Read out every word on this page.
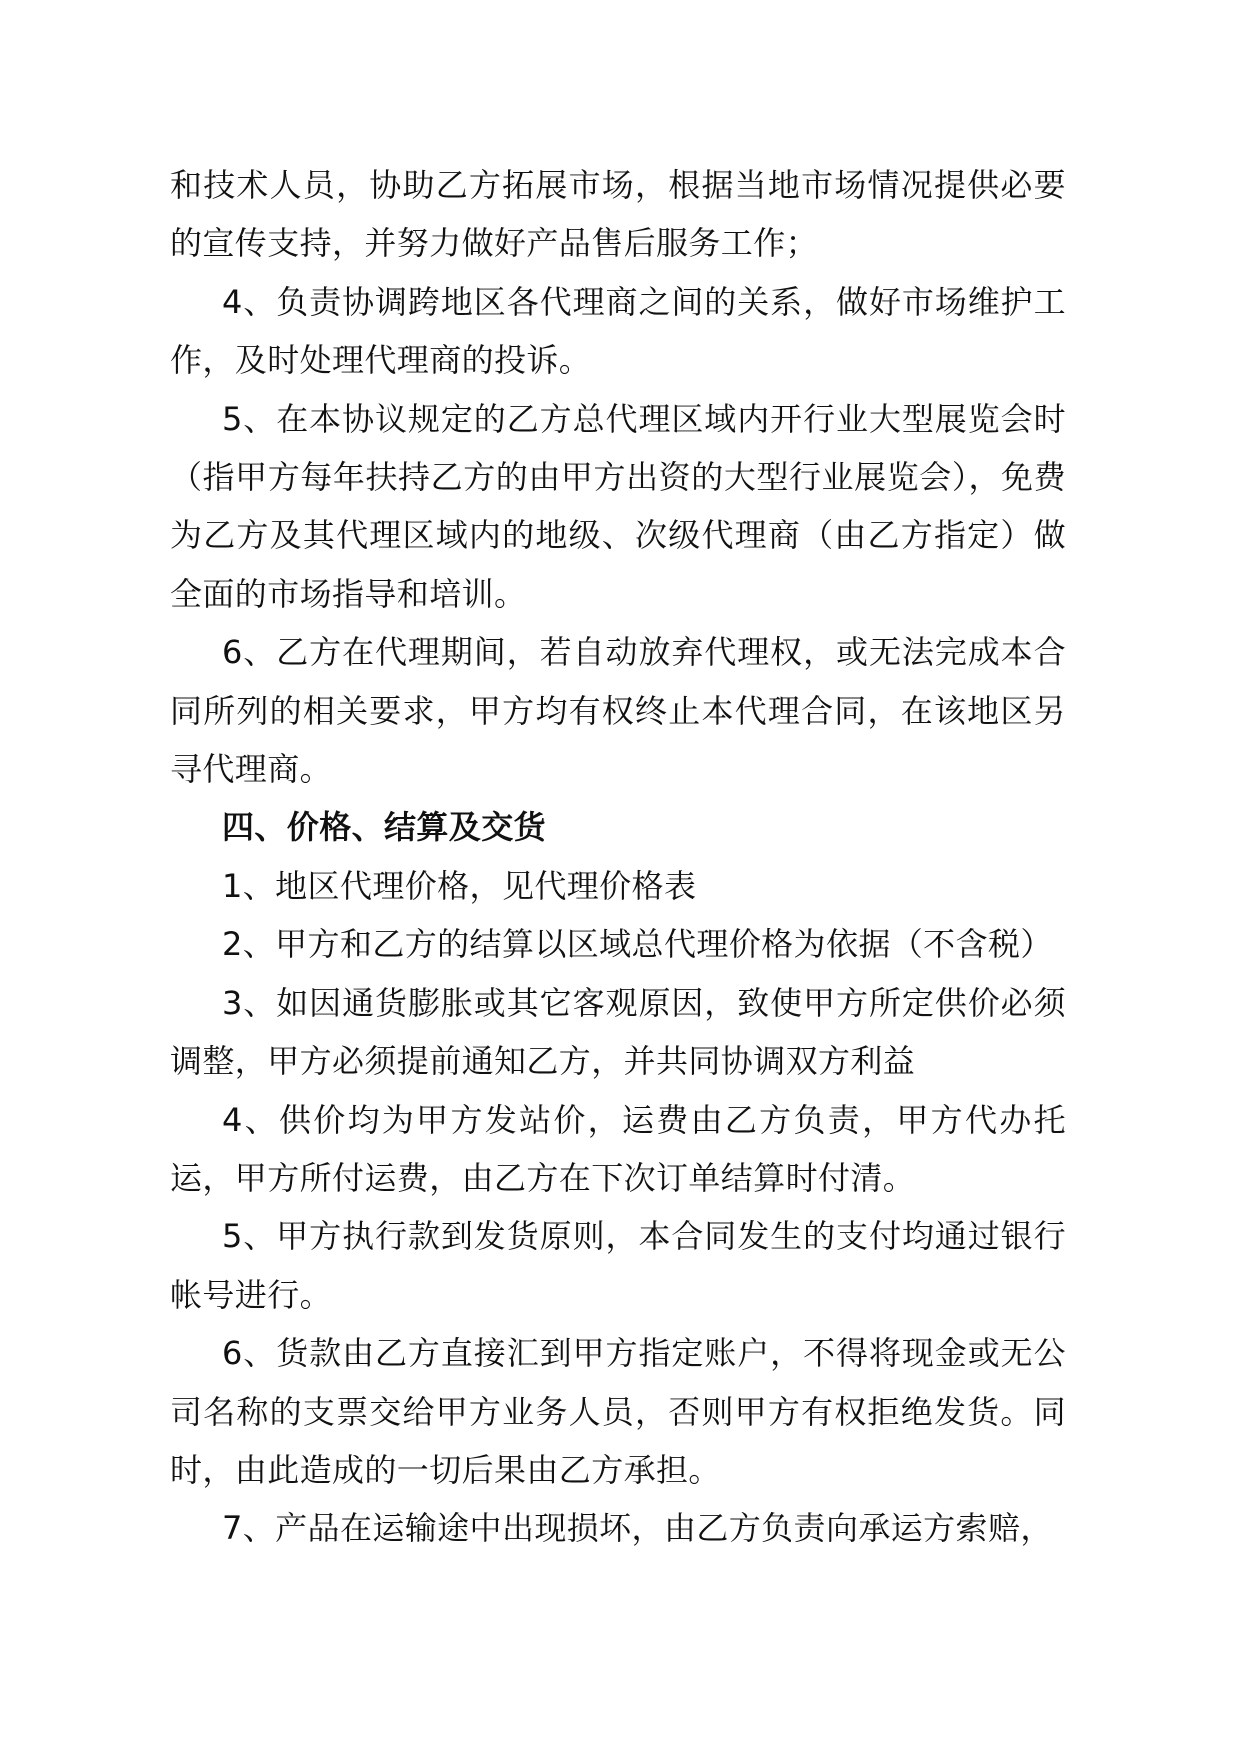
和技术人员，协助乙方拓展市场，根据当地市场情况提供必要的宣传支持，并努力做好产品售后服务工作；

4、负责协调跨地区各代理商之间的关系，做好市场维护工作，及时处理代理商的投诉。

5、在本协议规定的乙方总代理区域内开行业大型展览会时（指甲方每年扶持乙方的由甲方出资的大型行业展览会），免费为乙方及其代理区域内的地级、次级代理商（由乙方指定）做全面的市场指导和培训。

6、乙方在代理期间，若自动放弃代理权，或无法完成本合同所列的相关要求，甲方均有权终止本代理合同，在该地区另寻代理商。

四、价格、结算及交货

1、地区代理价格，见代理价格表

2、甲方和乙方的结算以区域总代理价格为依据（不含税）

3、如因通货膨胀或其它客观原因，致使甲方所定供价必须调整，甲方必须提前通知乙方，并共同协调双方利益

4、供价均为甲方发站价，运费由乙方负责，甲方代办托运，甲方所付运费，由乙方在下次订单结算时付清。

5、甲方执行款到发货原则，本合同发生的支付均通过银行帐号进行。

6、货款由乙方直接汇到甲方指定账户，不得将现金或无公司名称的支票交给甲方业务人员，否则甲方有权拒绝发货。同时，由此造成的一切后果由乙方承担。

7、产品在运输途中出现损坏，由乙方负责向承运方索赔，
